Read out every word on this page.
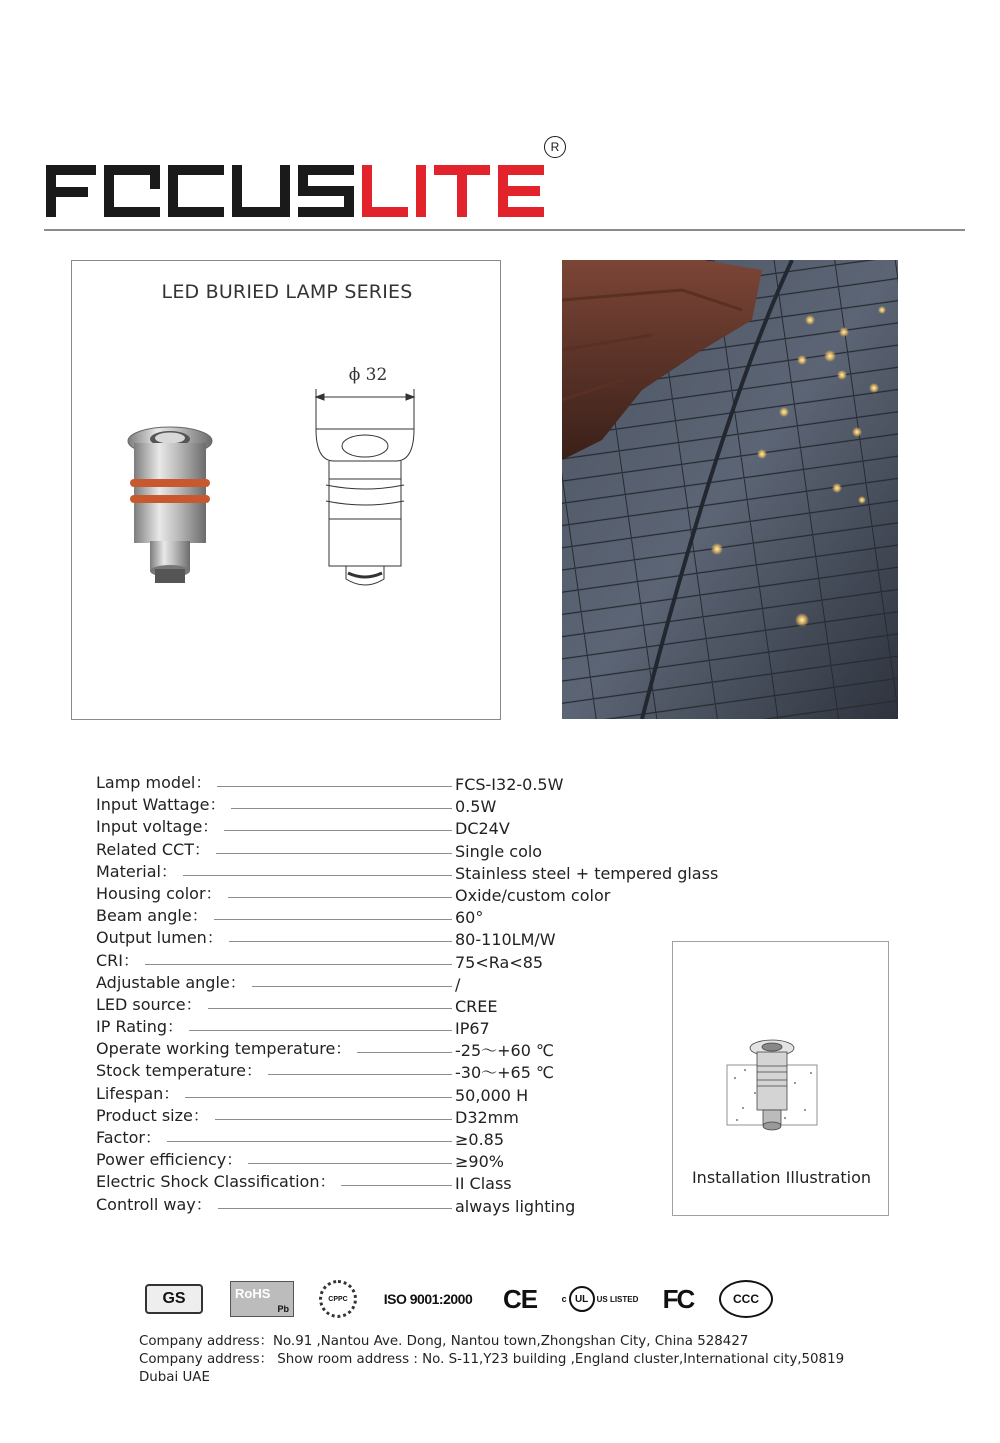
R
LED BURIED LAMP SERIES
ϕ 32
Lamp model：	FCS-I32-0.5W
Input Wattage：	0.5W
Input voltage：	DC24V
Related CCT：	Single colo
Material：	Stainless steel + tempered glass
Housing color：	Oxide/custom color
Beam angle：	60°
Output lumen：	80-110LM/W
CRI：	75<Ra<85
Adjustable angle：	/
LED source：	CREE
IP Rating：	IP67
Operate working temperature：	-25～+60 ℃
Stock temperature：	-30～+65 ℃
Lifespan：	50,000 H
Product size：	D32mm
Factor：	≥0.85
Power efficiency：	≥90%
Electric Shock Classification：	II Class
Controll way：	always lighting
Installation Illustration
GS	RoHS
Pb
CPPC	ISO 9001:2000 CE	c UL US LISTED FC	CCC
Company address：No.91 ,Nantou Ave. Dong, Nantou town,Zhongshan City, China 528427
Company address： Show room address : No. S-11,Y23 building ,England cluster,International city,50819 Dubai UAE
